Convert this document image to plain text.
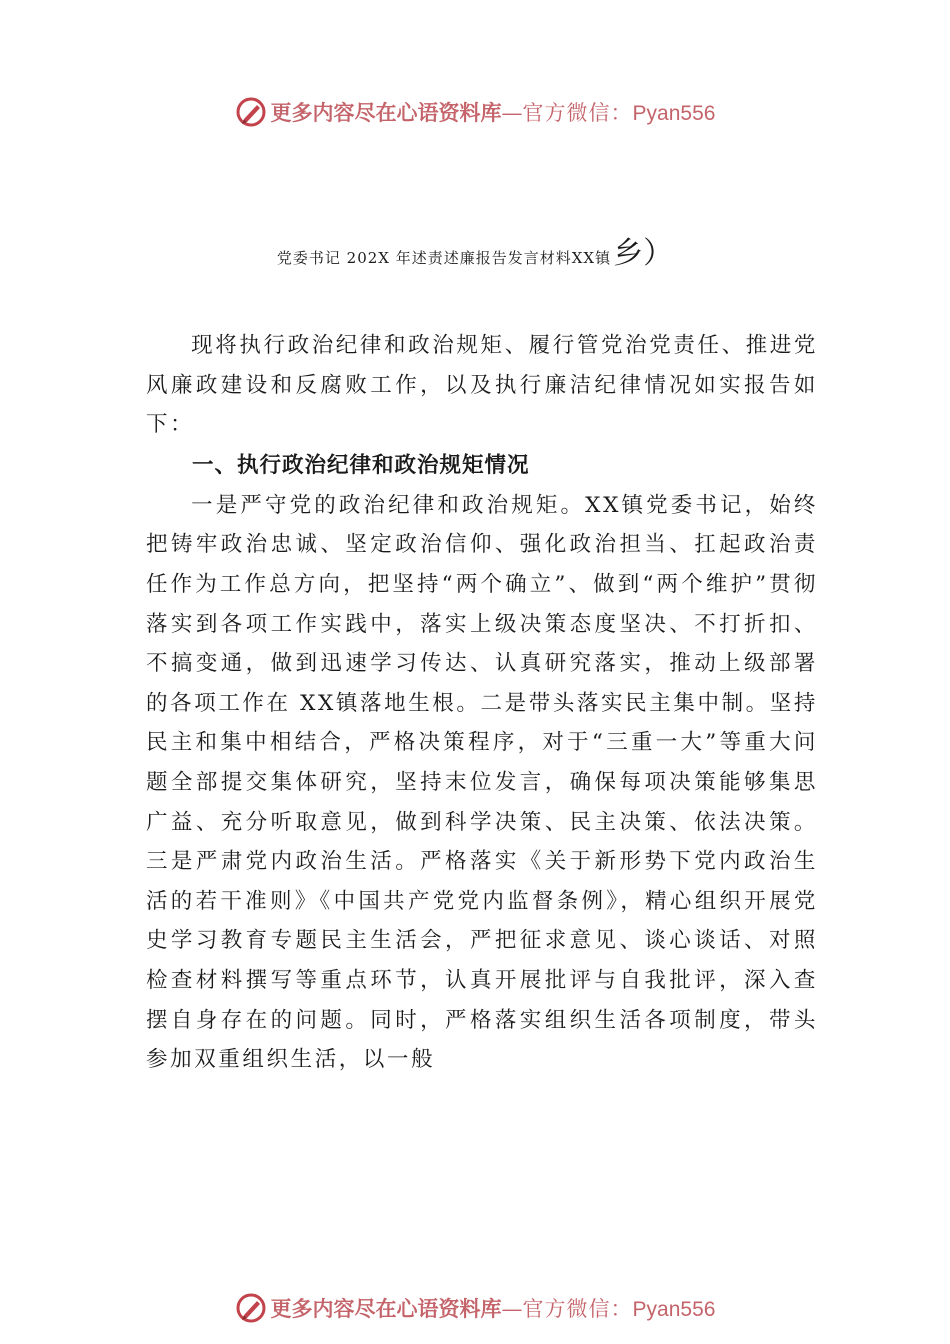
更多内容尽在心语资料库—官方微信：Pyan556
党委书记 202X 年述责述廉报告发言材料XX镇乡）

现将执行政治纪律和政治规矩、履行管党治党责任、推进党风廉政建设和反腐败工作，以及执行廉洁纪律情况如实报告如下：

一、执行政治纪律和政治规矩情况

一是严守党的政治纪律和政治规矩。XX镇党委书记，始终把铸牢政治忠诚、坚定政治信仰、强化政治担当、扛起政治责任作为工作总方向，把坚持“两个确立”、做到“两个维护”贯彻落实到各项工作实践中，落实上级决策态度坚决、不打折扣、不搞变通，做到迅速学习传达、认真研究落实，推动上级部署的各项工作在 XX镇落地生根。二是带头落实民主集中制。坚持民主和集中相结合，严格决策程序，对于“三重一大”等重大问题全部提交集体研究，坚持末位发言，确保每项决策能够集思广益、充分听取意见，做到科学决策、民主决策、依法决策。三是严肃党内政治生活。严格落实《关于新形势下党内政治生活的若干准则》《中国共产党党内监督条例》，精心组织开展党史学习教育专题民主生活会，严把征求意见、谈心谈话、对照检查材料撰写等重点环节，认真开展批评与自我批评，深入查摆自身存在的问题。同时，严格落实组织生活各项制度，带头参加双重组织生活，以一般

更多内容尽在心语资料库—官方微信：Pyan556
